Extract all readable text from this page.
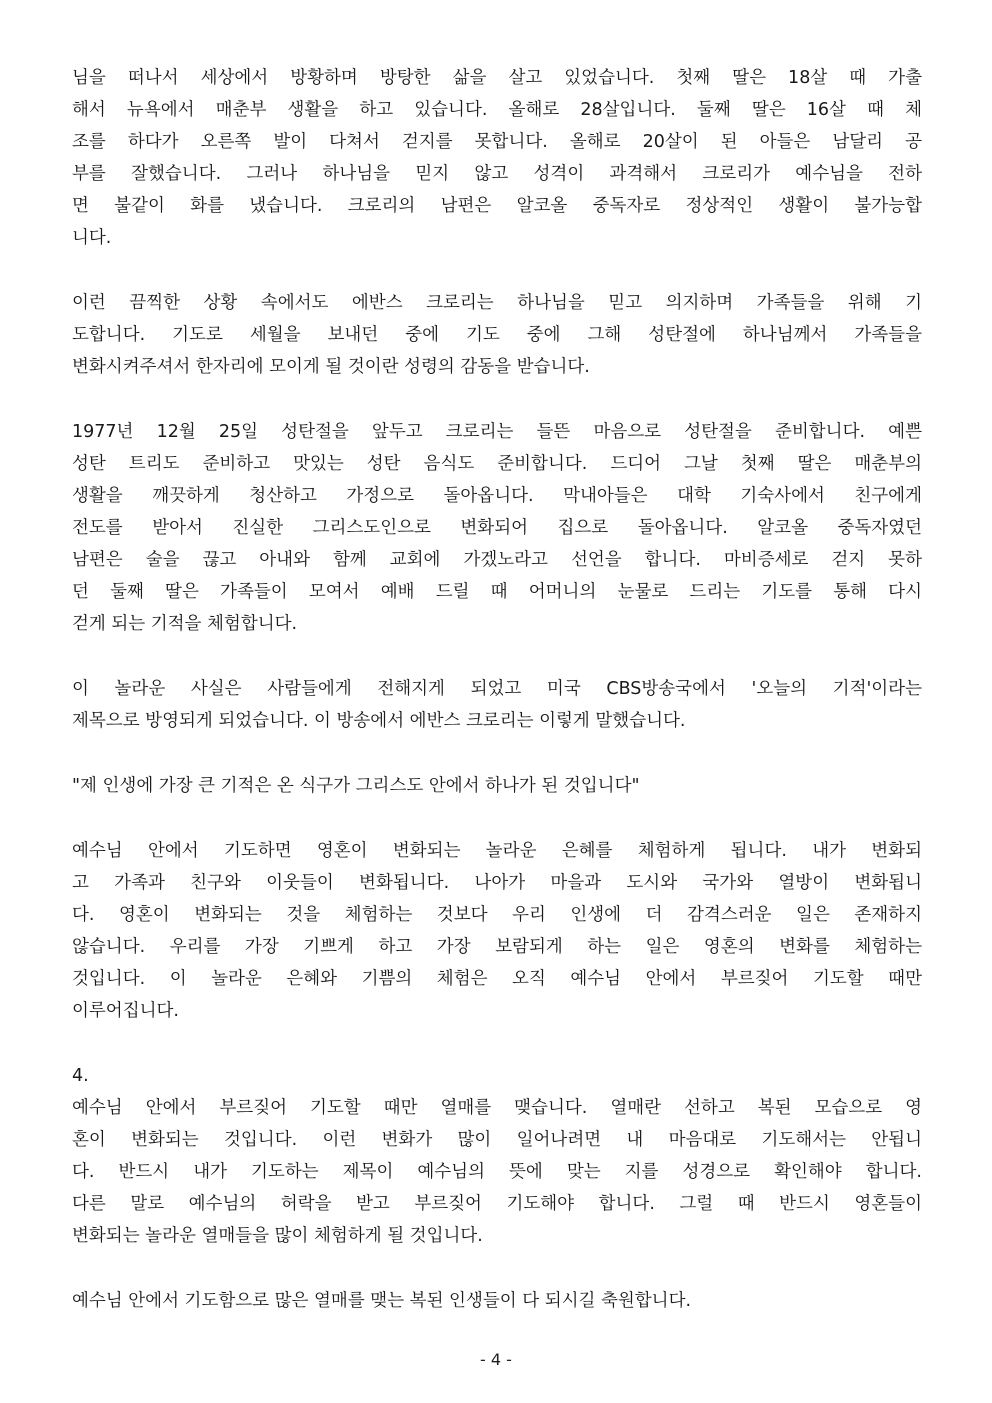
님을 떠나서 세상에서 방황하며 방탕한 삶을 살고 있었습니다. 첫째 딸은 18살 때 가출
해서 뉴욕에서 매춘부 생활을 하고 있습니다. 올해로 28살입니다. 둘째 딸은 16살 때 체
조를 하다가 오른쪽 발이 다쳐서 걷지를 못합니다. 올해로 20살이 된 아들은 남달리 공
부를 잘했습니다. 그러나 하나님을 믿지 않고 성격이 과격해서 크로리가 예수님을 전하
면 불같이 화를 냈습니다. 크로리의 남편은 알코올 중독자로 정상적인 생활이 불가능합
니다.
이런 끔찍한 상황 속에서도 에반스 크로리는 하나님을 믿고 의지하며 가족들을 위해 기
도합니다. 기도로 세월을 보내던 중에 기도 중에 그해 성탄절에 하나님께서 가족들을
변화시켜주셔서 한자리에 모이게 될 것이란 성령의 감동을 받습니다.
1977년 12월 25일 성탄절을 앞두고 크로리는 들뜬 마음으로 성탄절을 준비합니다. 예쁜
성탄 트리도 준비하고 맛있는 성탄 음식도 준비합니다. 드디어 그날 첫째 딸은 매춘부의
생활을 깨끗하게 청산하고 가정으로 돌아옵니다. 막내아들은 대학 기숙사에서 친구에게
전도를 받아서 진실한 그리스도인으로 변화되어 집으로 돌아옵니다. 알코올 중독자였던
남편은 술을 끊고 아내와 함께 교회에 가겠노라고 선언을 합니다. 마비증세로 걷지 못하
던 둘째 딸은 가족들이 모여서 예배 드릴 때 어머니의 눈물로 드리는 기도를 통해 다시
걷게 되는 기적을 체험합니다.
이 놀라운 사실은 사람들에게 전해지게 되었고 미국 CBS방송국에서 '오늘의 기적'이라는
제목으로 방영되게 되었습니다. 이 방송에서 에반스 크로리는 이렇게 말했습니다.
"제 인생에 가장 큰 기적은 온 식구가 그리스도 안에서 하나가 된 것입니다"
예수님 안에서 기도하면 영혼이 변화되는 놀라운 은혜를 체험하게 됩니다. 내가 변화되
고 가족과 친구와 이웃들이 변화됩니다. 나아가 마을과 도시와 국가와 열방이 변화됩니
다. 영혼이 변화되는 것을 체험하는 것보다 우리 인생에 더 감격스러운 일은 존재하지
않습니다. 우리를 가장 기쁘게 하고 가장 보람되게 하는 일은 영혼의 변화를 체험하는
것입니다. 이 놀라운 은혜와 기쁨의 체험은 오직 예수님 안에서 부르짖어 기도할 때만
이루어집니다.
4.
예수님 안에서 부르짖어 기도할 때만 열매를 맺습니다. 열매란 선하고 복된 모습으로 영
혼이 변화되는 것입니다. 이런 변화가 많이 일어나려면 내 마음대로 기도해서는 안됩니
다. 반드시 내가 기도하는 제목이 예수님의 뜻에 맞는 지를 성경으로 확인해야 합니다.
다른 말로 예수님의 허락을 받고 부르짖어 기도해야 합니다. 그럴 때 반드시 영혼들이
변화되는 놀라운 열매들을 많이 체험하게 될 것입니다.
예수님 안에서 기도함으로 많은 열매를 맺는 복된 인생들이 다 되시길 축원합니다.
- 4 -
